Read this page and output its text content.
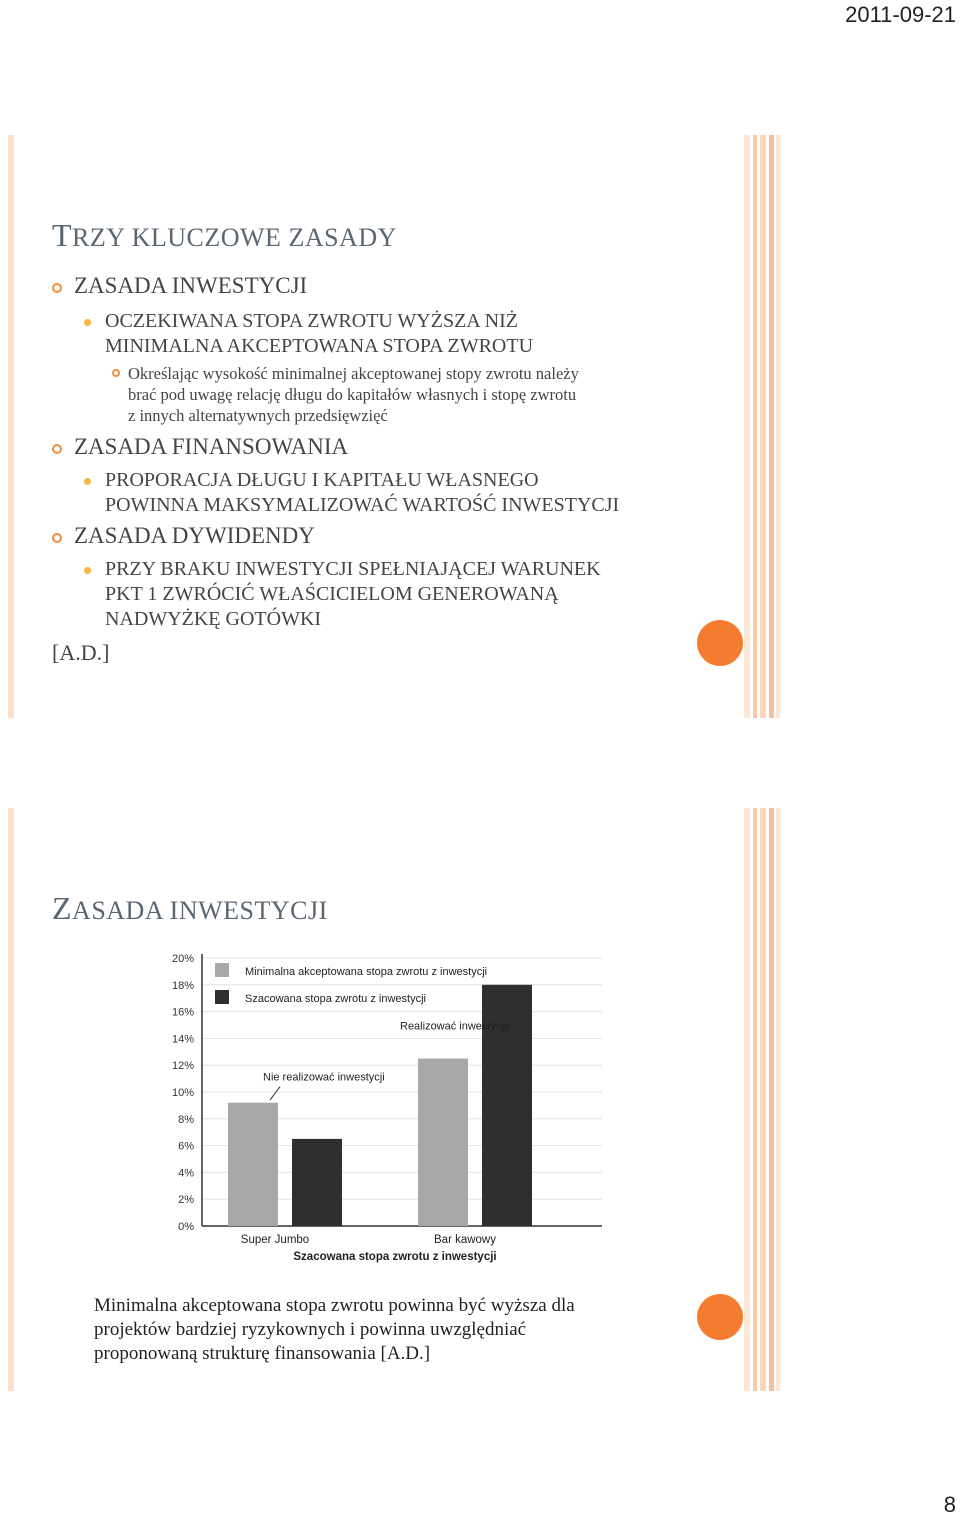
2011-09-21
TRZY KLUCZOWE ZASADY
ZASADA INWESTYCJI
OCZEKIWANA STOPA ZWROTU WYŻSZA NIŻ
MINIMALNA AKCEPTOWANA STOPA ZWROTU
Określając wysokość minimalnej akceptowanej stopy zwrotu należy
brać pod uwagę relację długu do kapitałów własnych i stopę zwrotu
z innych alternatywnych przedsięwzięć
ZASADA FINANSOWANIA
PROPORACJA DŁUGU I KAPITAŁU WŁASNEGO
POWINNA MAKSYMALIZOWAĆ WARTOŚĆ INWESTYCJI
ZASADA DYWIDENDY
PRZY BRAKU INWESTYCJI SPEŁNIAJĄCEJ WARUNEK
PKT 1 ZWRÓCIĆ WŁAŚCICIELOM GENEROWANĄ
NADWYŻKĘ GOTÓWKI
[A.D.]
ZASADA INWESTYCJI
0%
2%
4%
6%
8%
10%
12%
14%
16%
18%
20%
Super Jumbo	Bar kawowy
Szacowana stopa zwrotu z inwestycji
Minimalna akceptowana stopa zwrotu z inwestycji
Szacowana stopa zwrotu z inwestycji
Nie realizować inwestycji
Realizować inwestycję
Minimalna akceptowana stopa zwrotu powinna być wyższa dla
projektów bardziej ryzykownych i powinna uwzględniać
proponowaną strukturę finansowania [A.D.]
8
